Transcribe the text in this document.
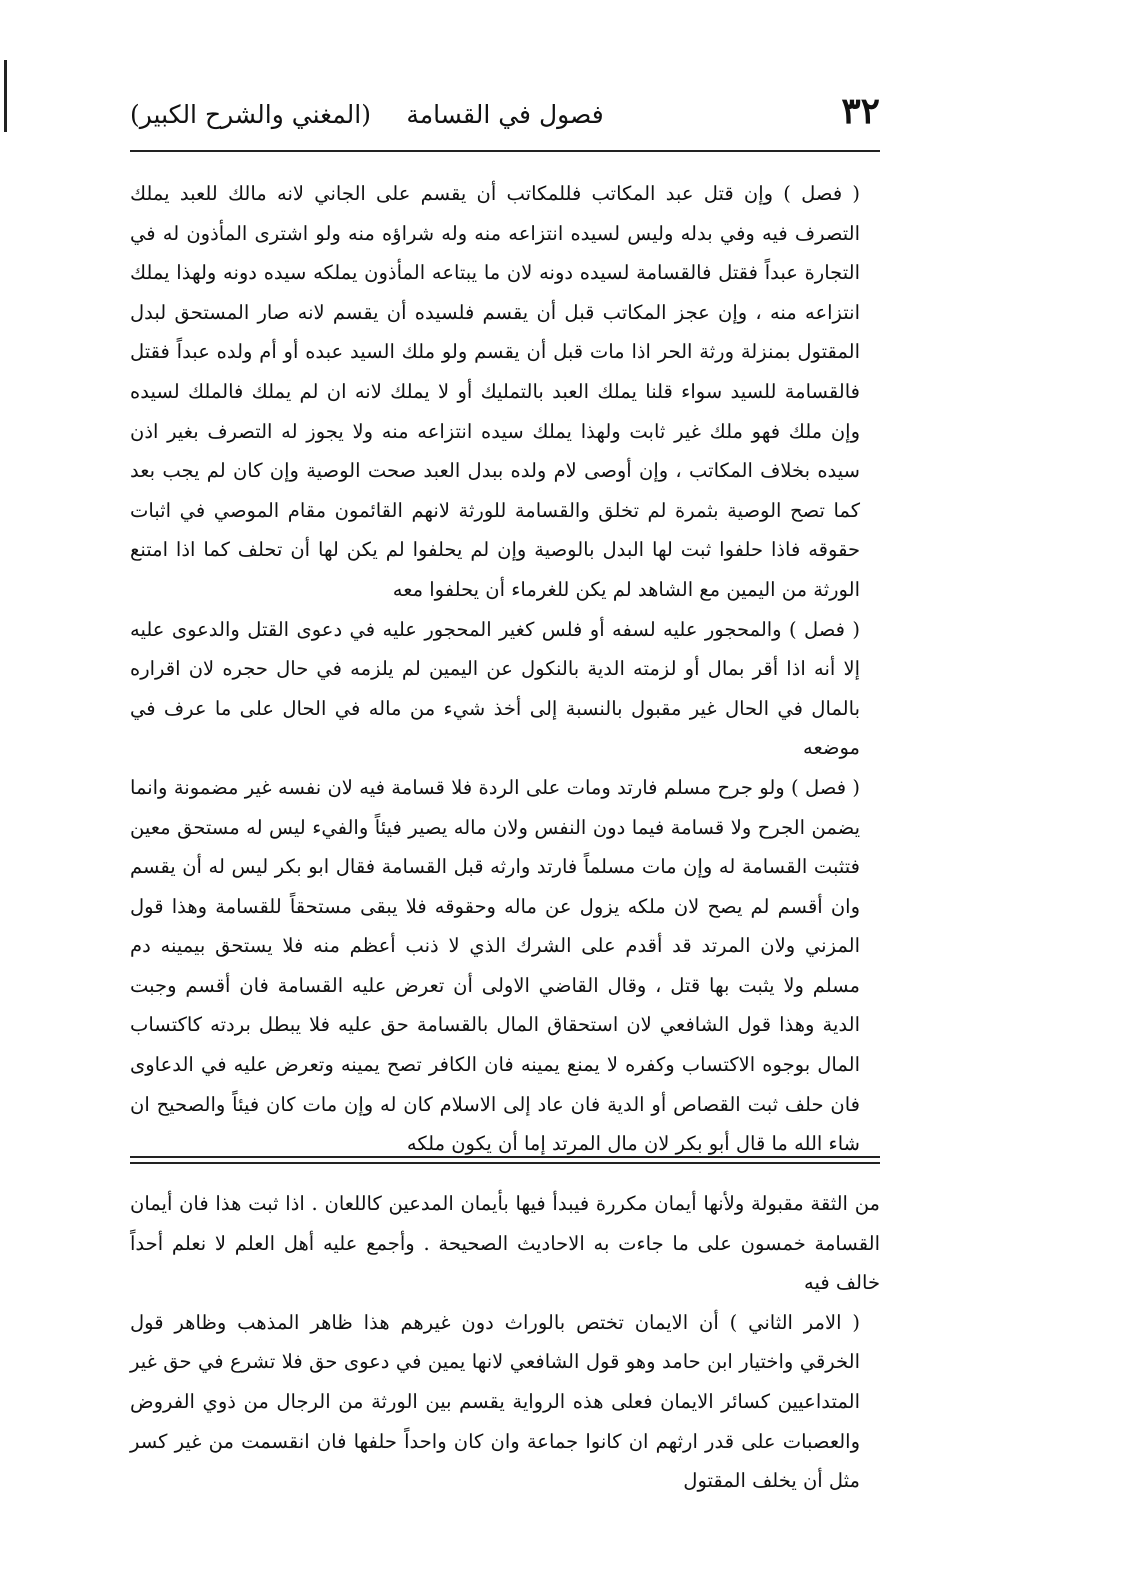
٣٢
فصول في القسامة
(المغني والشرح الكبير)

( فصل ) وإن قتل عبد المكاتب فللمكاتب أن يقسم على الجاني لانه مالك للعبد يملك التصرف فيه وفي بدله وليس لسيده انتزاعه منه وله شراؤه منه ولو اشترى المأذون له في التجارة عبداً فقتل فالقسامة لسيده دونه لان ما يبتاعه المأذون يملكه سيده دونه ولهذا يملك انتزاعه منه ، وإن عجز المكاتب قبل أن يقسم فلسيده أن يقسم لانه صار المستحق لبدل المقتول بمنزلة ورثة الحر اذا مات قبل أن يقسم ولو ملك السيد عبده أو أم ولده عبداً فقتل فالقسامة للسيد سواء قلنا يملك العبد بالتمليك أو لا يملك لانه ان لم يملك فالملك لسيده وإن ملك فهو ملك غير ثابت ولهذا يملك سيده انتزاعه منه ولا يجوز له التصرف بغير اذن سيده بخلاف المكاتب ، وإن أوصى لام ولده ببدل العبد صحت الوصية وإن كان لم يجب بعد كما تصح الوصية بثمرة لم تخلق والقسامة للورثة لانهم القائمون مقام الموصي في اثبات حقوقه فاذا حلفوا ثبت لها البدل بالوصية وإن لم يحلفوا لم يكن لها أن تحلف كما اذا امتنع الورثة من اليمين مع الشاهد لم يكن للغرماء أن يحلفوا معه

( فصل ) والمحجور عليه لسفه أو فلس كغير المحجور عليه في دعوى القتل والدعوى عليه إلا أنه اذا أقر بمال أو لزمته الدية بالنكول عن اليمين لم يلزمه في حال حجره لان اقراره بالمال في الحال غير مقبول بالنسبة إلى أخذ شيء من ماله في الحال على ما عرف في موضعه

( فصل ) ولو جرح مسلم فارتد ومات على الردة فلا قسامة فيه لان نفسه غير مضمونة وانما يضمن الجرح ولا قسامة فيما دون النفس ولان ماله يصير فيئاً والفيء ليس له مستحق معين فتثبت القسامة له وإن مات مسلماً فارتد وارثه قبل القسامة فقال ابو بكر ليس له أن يقسم وان أقسم لم يصح لان ملكه يزول عن ماله وحقوقه فلا يبقى مستحقاً للقسامة وهذا قول المزني ولان المرتد قد أقدم على الشرك الذي لا ذنب أعظم منه فلا يستحق بيمينه دم مسلم ولا يثبت بها قتل ، وقال القاضي الاولى أن تعرض عليه القسامة فان أقسم وجبت الدية وهذا قول الشافعي لان استحقاق المال بالقسامة حق عليه فلا يبطل بردته كاكتساب المال بوجوه الاكتساب وكفره لا يمنع يمينه فان الكافر تصح يمينه وتعرض عليه في الدعاوى فان حلف ثبت القصاص أو الدية فان عاد إلى الاسلام كان له وإن مات كان فيئاً والصحيح ان شاء الله ما قال أبو بكر لان مال المرتد إما أن يكون ملكه

من الثقة مقبولة ولأنها أيمان مكررة فيبدأ فيها بأيمان المدعين كاللعان . اذا ثبت هذا فان أيمان القسامة خمسون على ما جاءت به الاحاديث الصحيحة . وأجمع عليه أهل العلم لا نعلم أحداً خالف فيه

( الامر الثاني ) أن الايمان تختص بالوراث دون غيرهم هذا ظاهر المذهب وظاهر قول الخرقي واختيار ابن حامد وهو قول الشافعي لانها يمين في دعوى حق فلا تشرع في حق غير المتداعيين كسائر الايمان فعلى هذه الرواية يقسم بين الورثة من الرجال من ذوي الفروض والعصبات على قدر ارثهم ان كانوا جماعة وان كان واحداً حلفها فان انقسمت من غير كسر مثل أن يخلف المقتول
